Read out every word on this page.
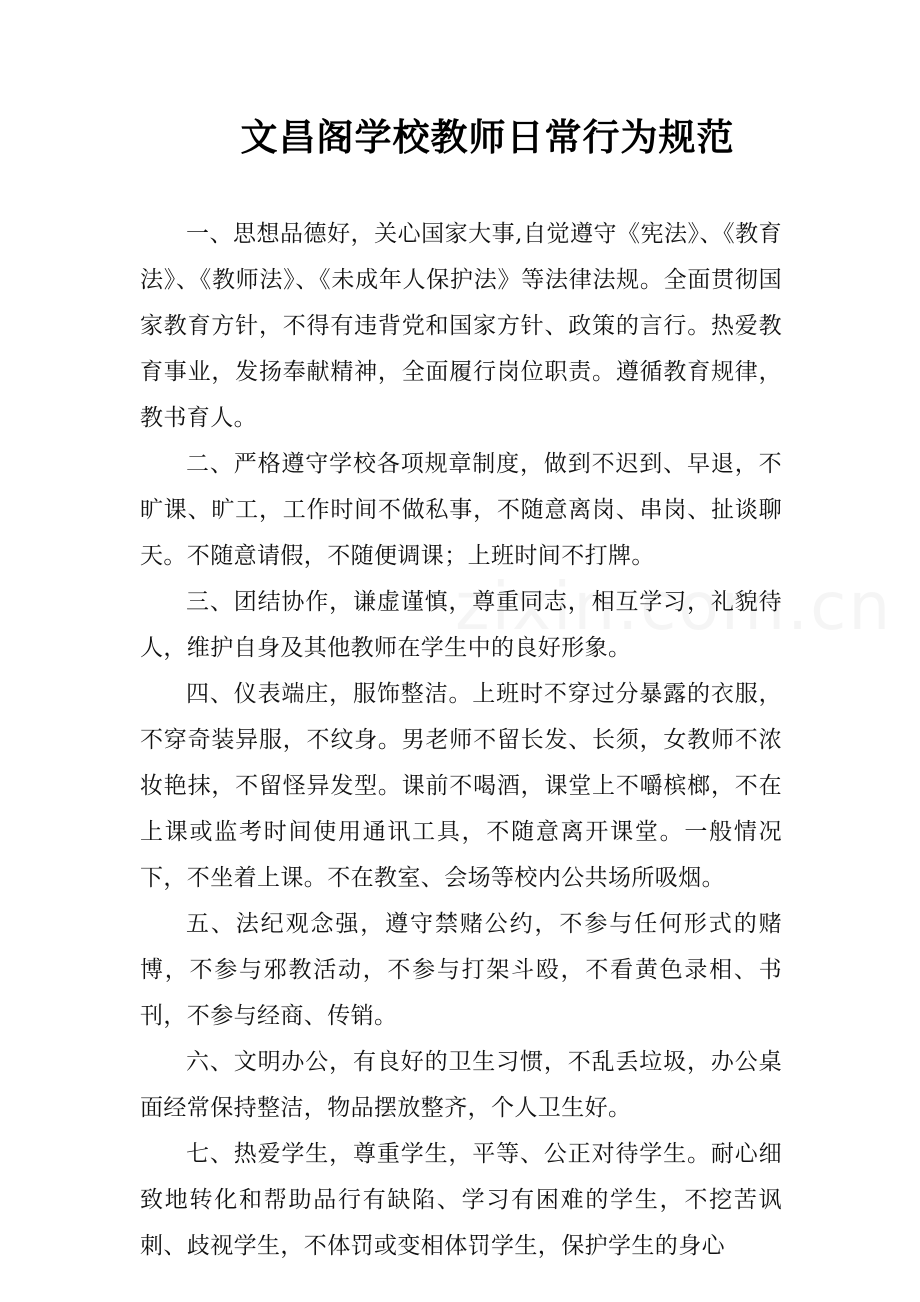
文昌阁学校教师日常行为规范

一、思想品德好，关心国家大事,自觉遵守《宪法》、《教育法》、《教师法》、《未成年人保护法》等法律法规。全面贯彻国家教育方针，不得有违背党和国家方针、政策的言行。热爱教育事业，发扬奉献精神，全面履行岗位职责。遵循教育规律，教书育人。

二、严格遵守学校各项规章制度，做到不迟到、早退，不旷课、旷工，工作时间不做私事，不随意离岗、串岗、扯谈聊天。不随意请假，不随便调课；上班时间不打牌。

三、团结协作，谦虚谨慎，尊重同志，相互学习，礼貌待人，维护自身及其他教师在学生中的良好形象。

四、仪表端庄，服饰整洁。上班时不穿过分暴露的衣服，不穿奇装异服，不纹身。男老师不留长发、长须，女教师不浓妆艳抹，不留怪异发型。课前不喝酒，课堂上不嚼槟榔，不在上课或监考时间使用通讯工具，不随意离开课堂。一般情况下，不坐着上课。不在教室、会场等校内公共场所吸烟。

五、法纪观念强，遵守禁赌公约，不参与任何形式的赌博，不参与邪教活动，不参与打架斗殴，不看黄色录相、书刊，不参与经商、传销。

六、文明办公，有良好的卫生习惯，不乱丢垃圾，办公桌面经常保持整洁，物品摆放整齐，个人卫生好。

七、热爱学生，尊重学生，平等、公正对待学生。耐心细致地转化和帮助品行有缺陷、学习有困难的学生，不挖苦讽刺、歧视学生，不体罚或变相体罚学生，保护学生的身心
